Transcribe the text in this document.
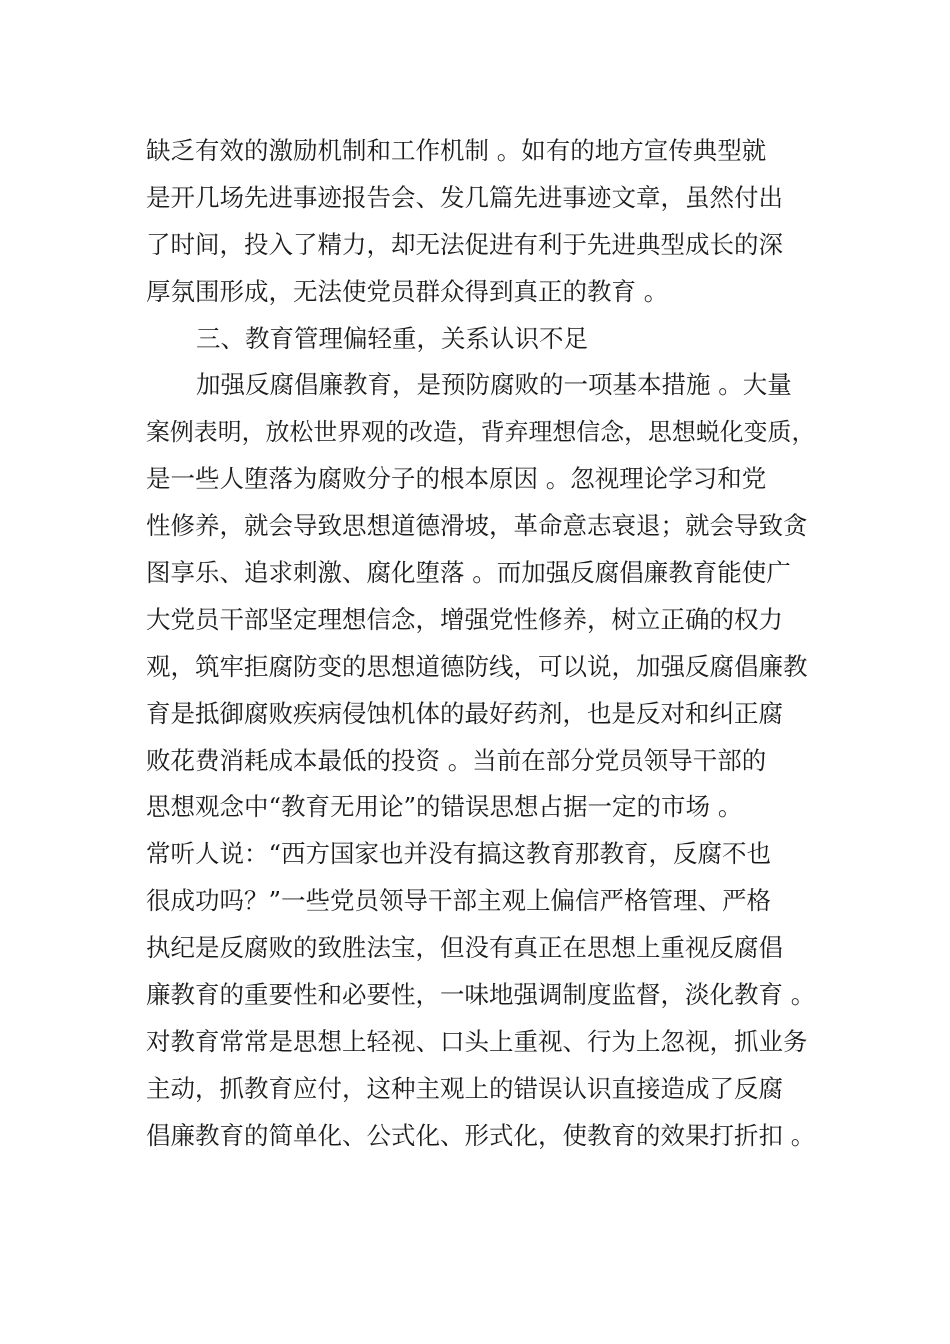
缺乏有效的激励机制和工作机制 。如有的地方宣传典型就
是开几场先进事迹报告会、发几篇先进事迹文章，虽然付出
了时间，投入了精力，却无法促进有利于先进典型成长的深
厚氛围形成，无法使党员群众得到真正的教育 。
三、教育管理偏轻重，关系认识不足
加强反腐倡廉教育，是预防腐败的一项基本措施 。大量
案例表明，放松世界观的改造，背弃理想信念，思想蜕化变质，
是一些人堕落为腐败分子的根本原因 。忽视理论学习和党
性修养，就会导致思想道德滑坡，革命意志衰退；就会导致贪
图享乐、追求刺激、腐化堕落 。而加强反腐倡廉教育能使广
大党员干部坚定理想信念，增强党性修养，树立正确的权力
观，筑牢拒腐防变的思想道德防线，可以说，加强反腐倡廉教
育是抵御腐败疾病侵蚀机体的最好药剂，也是反对和纠正腐
败花费消耗成本最低的投资 。当前在部分党员领导干部的
思想观念中“教育无用论”的错误思想占据一定的市场 。
常听人说：“西方国家也并没有搞这教育那教育，反腐不也
很成功吗？”一些党员领导干部主观上偏信严格管理、严格
执纪是反腐败的致胜法宝，但没有真正在思想上重视反腐倡
廉教育的重要性和必要性，一味地强调制度监督，淡化教育 。
对教育常常是思想上轻视、口头上重视、行为上忽视，抓业务
主动，抓教育应付，这种主观上的错误认识直接造成了反腐
倡廉教育的简单化、公式化、形式化，使教育的效果打折扣 。
